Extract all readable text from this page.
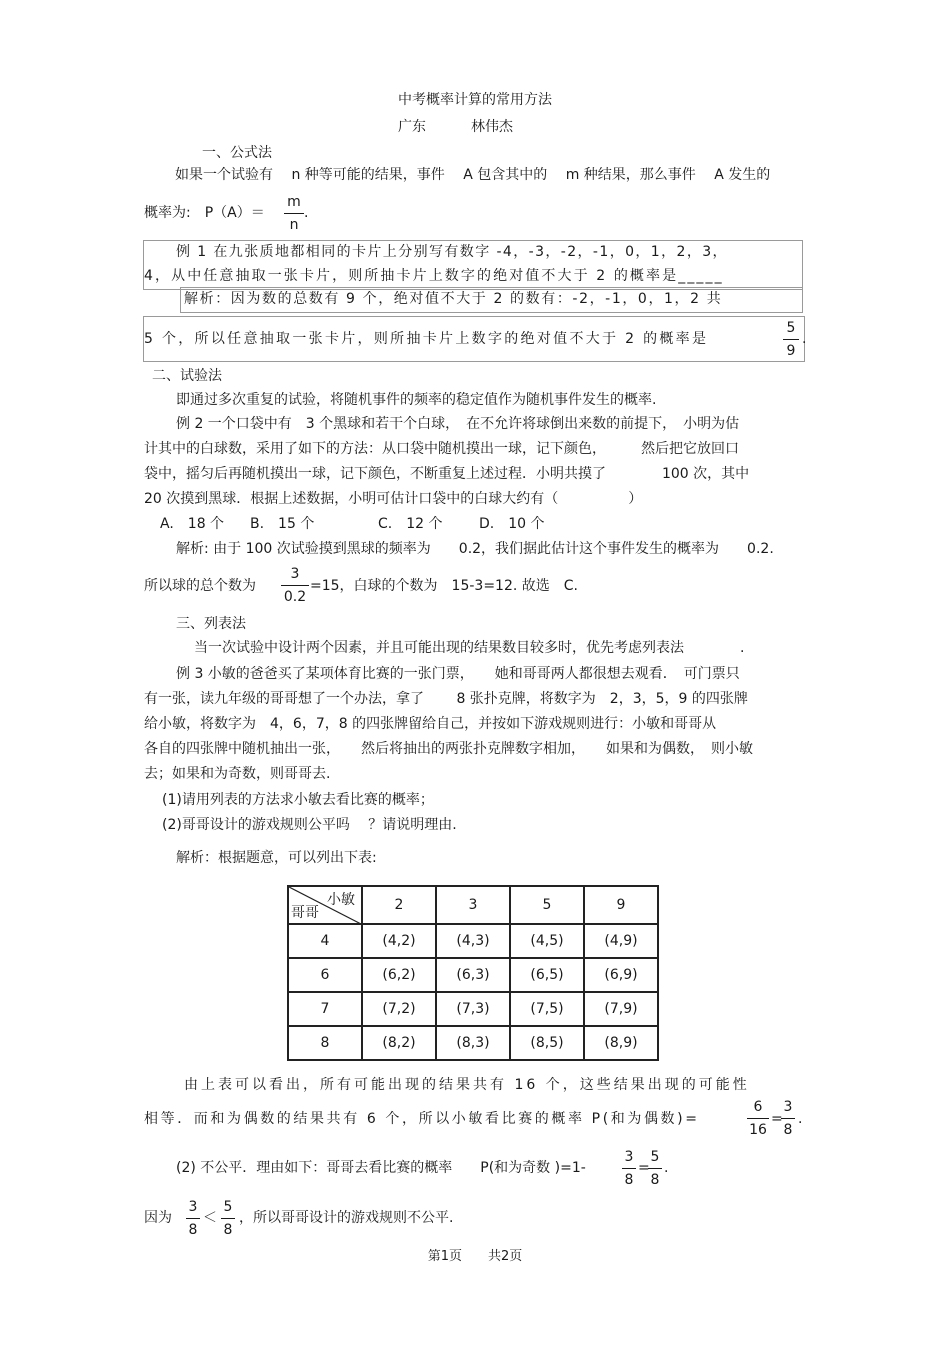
中考概率计算的常用方法
广东	林伟杰
一、公式法
如果一个试验有　 n 种等可能的结果，事件　 A 包含其中的　 m 种结果，那么事件　 A 发生的
概率为:　P（A）＝
m
n
.
例 1 在九张质地都相同的卡片上分别写有数字 -4，-3，-2，-1，0，1，2，3，
4，从中任意抽取一张卡片，则所抽卡片上数字的绝对值不大于 2 的概率是_____
解析：因为数的总数有 9 个，绝对值不大于 2 的数有：-2，-1，0，1，2 共
5 个，所以任意抽取一张卡片，则所抽卡片上数字的绝对值不大于 2 的概率是
5
9
.
二、试验法
即通过多次重复的试验，将随机事件的频率的稳定值作为随机事件发生的概率.
例 2 一个口袋中有　3 个黑球和若干个白球，　在不允许将球倒出来数的前提下，　小明为估
计其中的白球数，采用了如下的方法：从口袋中随机摸出一球，记下颜色，　　　然后把它放回口
袋中，摇匀后再随机摸出一球，记下颜色，不断重复上述过程．小明共摸了　　　　100 次，其中
20 次摸到黑球．根据上述数据，小明可估计口袋中的白球大约有（　　　　　）
A.　18 个 B.　15 个	C.　12 个	D.　10 个
解析: 由于 100 次试验摸到黑球的频率为　　0.2，我们据此估计这个事件发生的概率为　　0.2.
所以球的总个数为
3
0.2
=15，白球的个数为　15-3=12. 故选　C.
三、列表法
当一次试验中设计两个因素，并且可能出现的结果数目较多时，优先考虑列表法　　　　.
例 3 小敏的爸爸买了某项体育比赛的一张门票，　　她和哥哥两人都很想去观看．　可门票只
有一张，读九年级的哥哥想了一个办法，拿了　　 8 张扑克牌，将数字为　2，3，5，9 的四张牌
给小敏，将数字为　4，6，7，8 的四张牌留给自己，并按如下游戏规则进行：小敏和哥哥从
各自的四张牌中随机抽出一张，　　然后将抽出的两张扑克牌数字相加，　　如果和为偶数，　则小敏
去；如果和为奇数，则哥哥去.
(1)请用列表的方法求小敏去看比赛的概率；
(2)哥哥设计的游戏规则公平吗　 ？请说明理由.
解析：根据题意，可以列出下表:
小敏
哥哥	2	3	5	9
4	(4,2)	(4,3)	(4,5)	(4,9)
6	(6,2)	(6,3)	(6,5)	(6,9)
7	(7,2)	(7,3)	(7,5)	(7,9)
8	(8,2)	(8,3)	(8,5)	(8,9)
由上表可以看出，所有可能出现的结果共有 16 个，这些结果出现的可能性
相等．而和为偶数的结果共有 6 个，所以小敏看比赛的概率 P(和为偶数)=
6
16
=
3
8
.
(2) 不公平．理由如下：哥哥去看比赛的概率　　P(和为奇数 )=1-
3
8
=
5
8
.
因为
3
8
＜
5
8
，所以哥哥设计的游戏规则不公平.
第1页　　共2页
